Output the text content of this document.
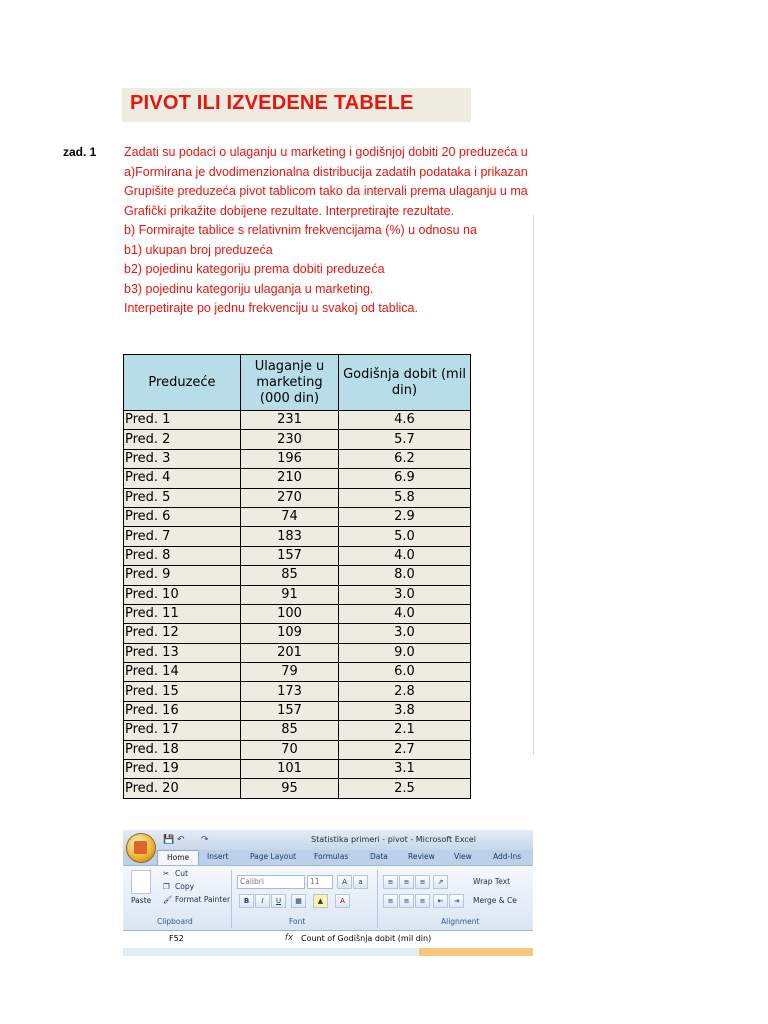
PIVOT ILI IZVEDENE TABELE
zad. 1 Zadati su podaci o ulaganju u marketing i godišnjoj dobiti 20 preduzeća u
a)Formirana je dvodimenzionalna distribucija zadatih podataka i prikazan
Grupišite preduzeća pivot tablicom tako da intervali prema ulaganju u ma
Grafički prikažite dobijene rezultate. Interpretirajte rezultate.
b) Formirajte tablice s relativnim frekvencijama (%) u odnosu na
b1) ukupan broj preduzeća
b2) pojedinu kategoriju prema dobiti preduzeća
b3) pojedinu kategoriju ulaganja u marketing.
Interpetirajte po jednu frekvenciju u svakoj od tablica.
Preduzeće	Ulaganje u marketing (000 din)	Godišnja dobit (mil din)
Pred. 1	231	4.6
Pred. 2	230	5.7
Pred. 3	196	6.2
Pred. 4	210	6.9
Pred. 5	270	5.8
Pred. 6	74	2.9
Pred. 7	183	5.0
Pred. 8	157	4.0
Pred. 9	85	8.0
Pred. 10	91	3.0
Pred. 11	100	4.0
Pred. 12	109	3.0
Pred. 13	201	9.0
Pred. 14	79	6.0
Pred. 15	173	2.8
Pred. 16	157	3.8
Pred. 17	85	2.1
Pred. 18	70	2.7
Pred. 19	101	3.1
Pred. 20	95	2.5
💾 ↶ ↷	Statistika primeri - pivot - Microsoft Excel
Home	Insert	Page Layout Formulas	Data	Review	View	Add-Ins
Paste
✂ Cut
❐ Copy
🖌 Format Painter
Clipboard
Calibri	11	A	a
B	I	U	▦	▲	A
Font
≡	≡	≡	⇗
≡	≡	≡	⇤	⇥
Wrap Text
Merge & Ce
Alignment
F52	fx Count of Godišnja dobit (mil din)
